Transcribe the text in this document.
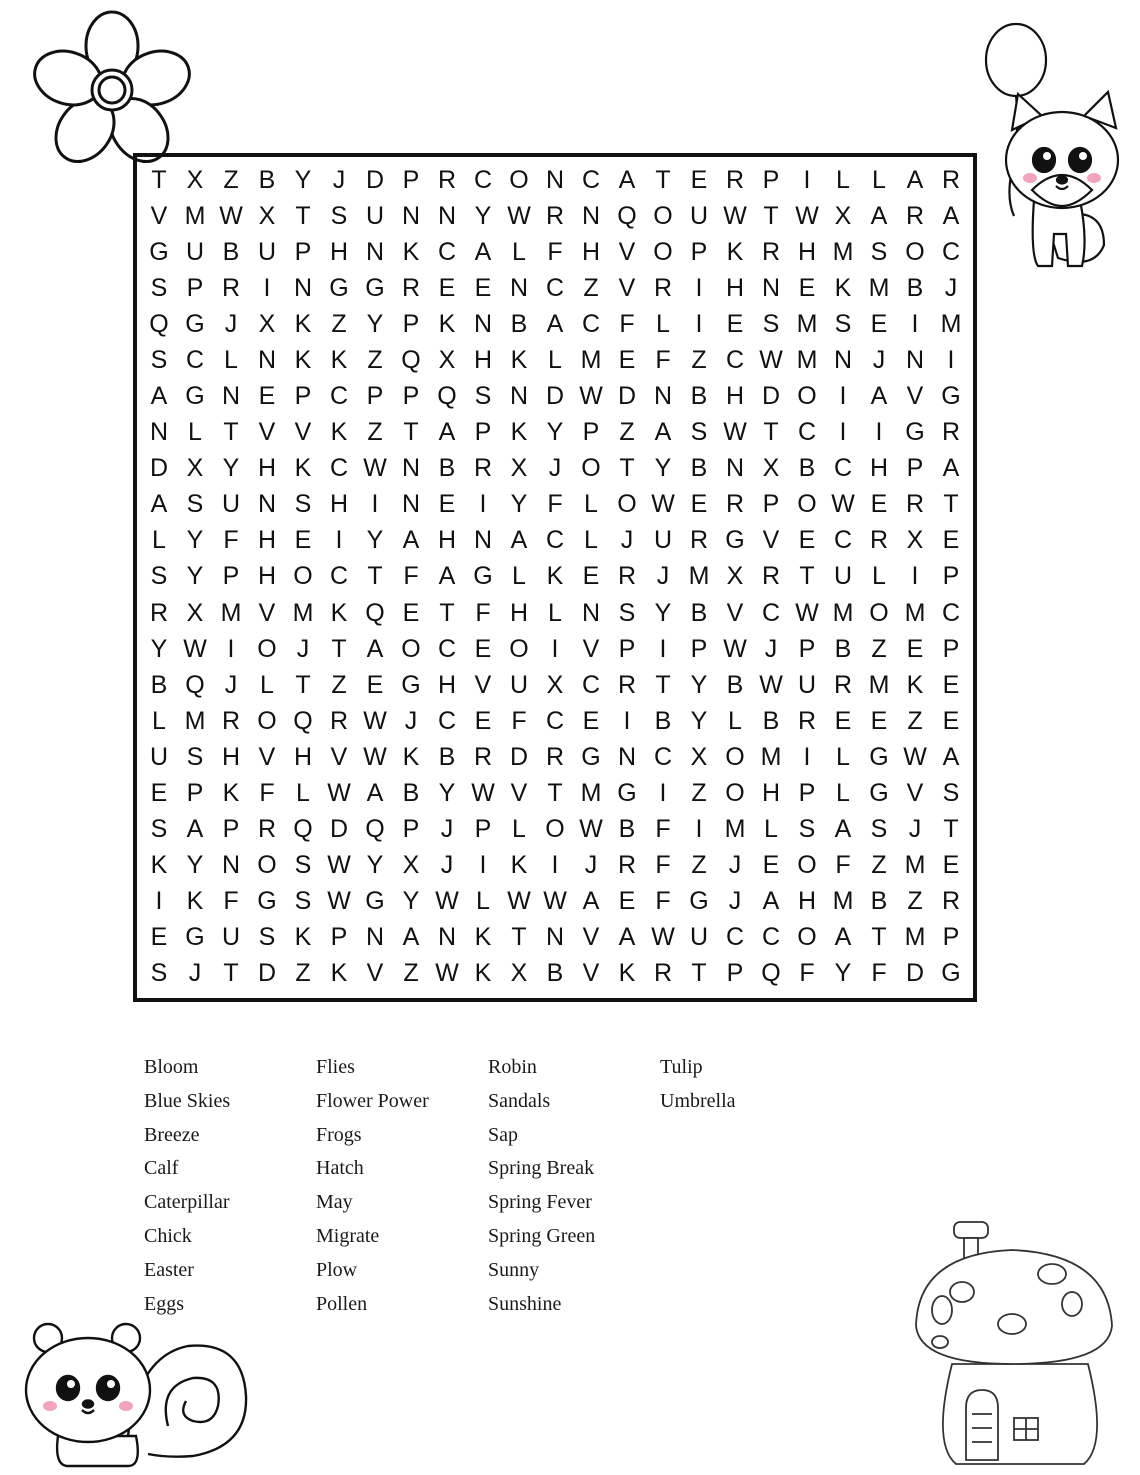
T X Z B Y J D P R C O N C A T E R P I	L L A R
V M W X T S U N N Y W R N Q O U W T W X A R A
G U B U P H N K C A L F H V O P K R H M S O C
S P R I N G G R E E N C Z V R I H N E K M B J
Q G J X K Z Y P K N B A C F L	I E S M S E I M
S C L N K K Z Q X H K L M E F Z C W M N J N I
A G N E P C P P Q S N D W D N B H D O I A V G
N L T V V K Z T A P K Y P Z A S W T C I	I G R
D X Y H K C W N B R X J O T Y B N X B C H P A
A S U N S H I N E I Y F L O W E R P O W E R T
L Y F H E I Y A H N A C L J U R G V E C R X E
S Y P H O C T F A G L K E R J M X R T U L	I P
R X M V M K Q E T F H L N S Y B V C W M O M C
Y W I O J T A O C E O I V P I P W J P B Z E P
B Q J L T Z E G H V U X C R T Y B W U R M K E
L M R O Q R W J C E F C E I B Y L B R E E Z E
U S H V H V W K B R D R G N C X O M I	L G W A
E P K F L W A B Y W V T M G I Z O H P L G V S
S A P R Q D Q P J P L O W B F I M L S A S J T
K Y N O S W Y X J	I K I	J R F Z J E O F Z M E
I K F G S W G Y W L W W A E F G J A H M B Z R
E G U S K P N A N K T N V A W U C C O A T M P
S J T D Z K V Z W K X B V K R T P Q F Y F D G
Bloom
Blue Skies
Breeze
Calf
Caterpillar
Chick
Easter
Eggs
Flies
Flower Power
Frogs
Hatch
May
Migrate
Plow
Pollen
Robin
Sandals
Sap
Spring Break
Spring Fever
Spring Green
Sunny
Sunshine
Tulip
Umbrella
